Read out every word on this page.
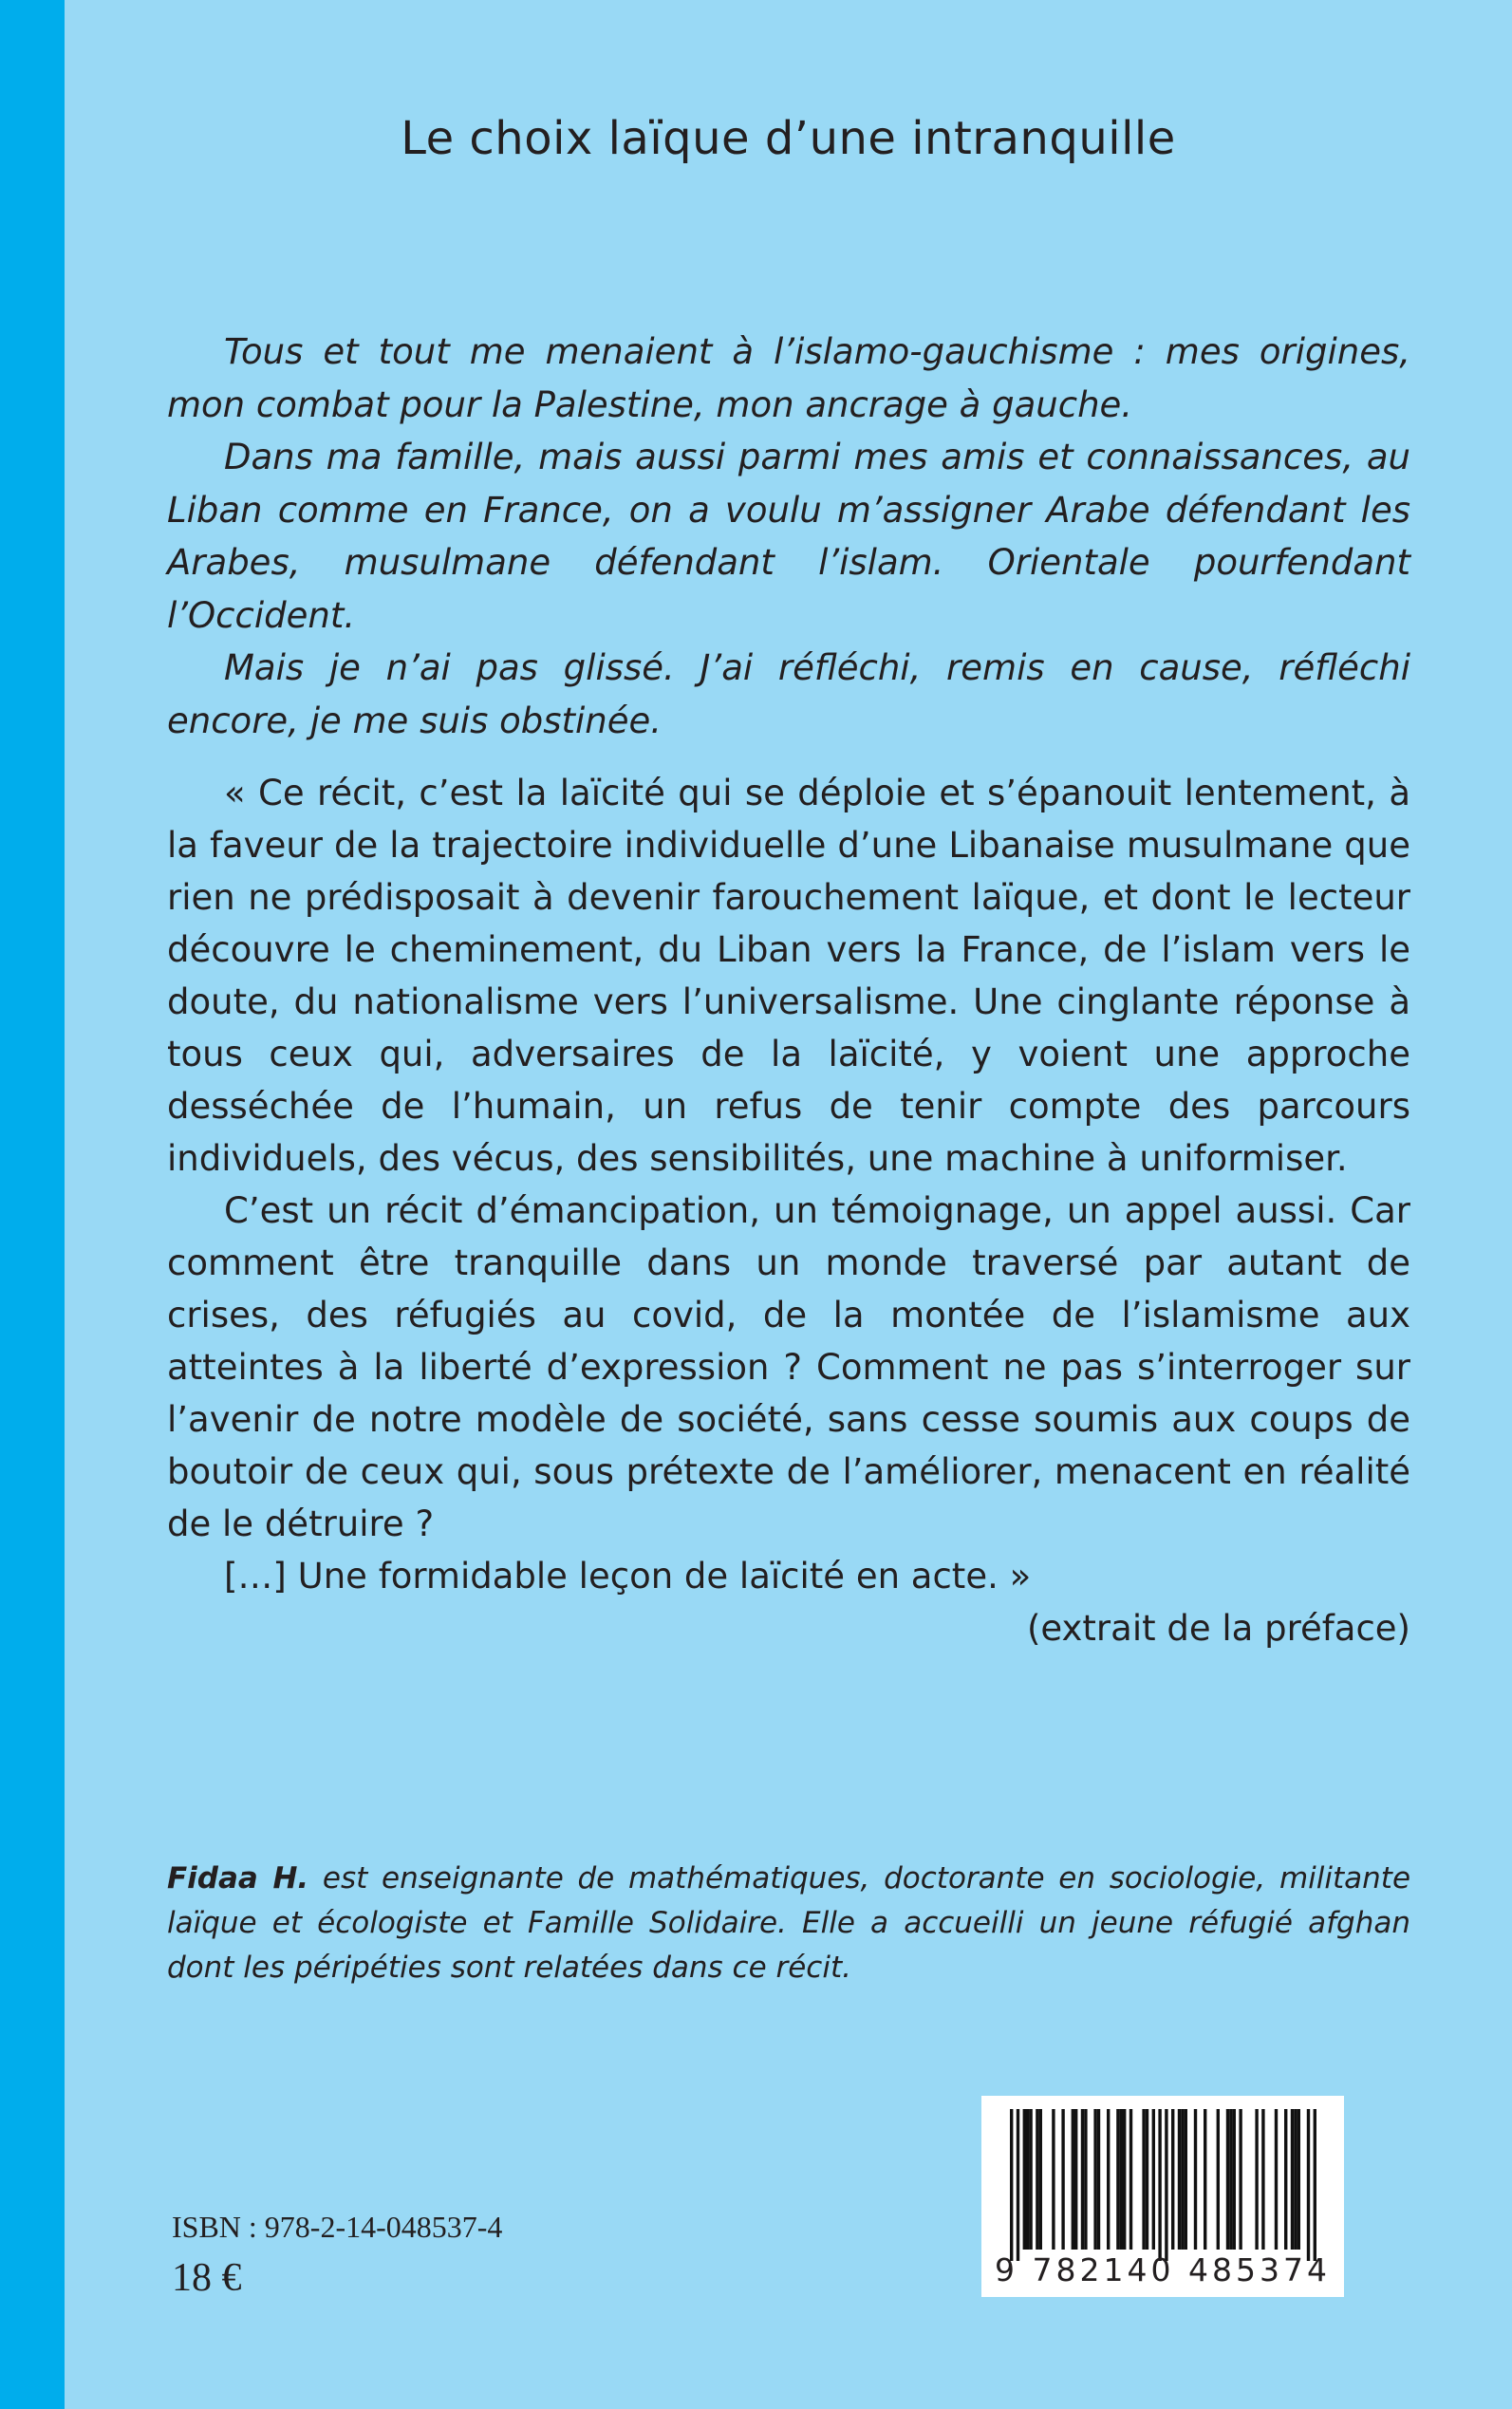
Le choix laïque d’une intranquille

Tous et tout me menaient à l’islamo-gauchisme : mes origines, mon combat pour la Palestine, mon ancrage à gauche.

Dans ma famille, mais aussi parmi mes amis et connaissances, au Liban comme en France, on a voulu m’assigner Arabe défendant les Arabes, musulmane défendant l’islam. Orientale pourfendant l’Occident.

Mais je n’ai pas glissé. J’ai réfléchi, remis en cause, réfléchi encore, je me suis obstinée.

« Ce récit, c’est la laïcité qui se déploie et s’épanouit lentement, à la faveur de la trajectoire individuelle d’une Libanaise musulmane que rien ne prédisposait à devenir farouchement laïque, et dont le lecteur découvre le cheminement, du Liban vers la France, de l’islam vers le doute, du nationalisme vers l’universalisme. Une cinglante réponse à tous ceux qui, adversaires de la laïcité, y voient une approche desséchée de l’humain, un refus de tenir compte des parcours individuels, des vécus, des sensibilités, une machine à uniformiser.

C’est un récit d’émancipation, un témoignage, un appel aussi. Car comment être tranquille dans un monde traversé par autant de crises, des réfugiés au covid, de la montée de l’islamisme aux atteintes à la liberté d’expression ? Comment ne pas s’interroger sur l’avenir de notre modèle de société, sans cesse soumis aux coups de boutoir de ceux qui, sous prétexte de l’améliorer, menacent en réalité de le détruire ?

[…] Une formidable leçon de laïcité en acte. »

(extrait de la préface)

Fidaa H. est enseignante de mathématiques, doctorante en sociologie, militante laïque et écologiste et Famille Solidaire. Elle a accueilli un jeune réfugié afghan dont les péripéties sont relatées dans ce récit.
ISBN : 978-2-14-048537-4
18 €	9 782140 485374
